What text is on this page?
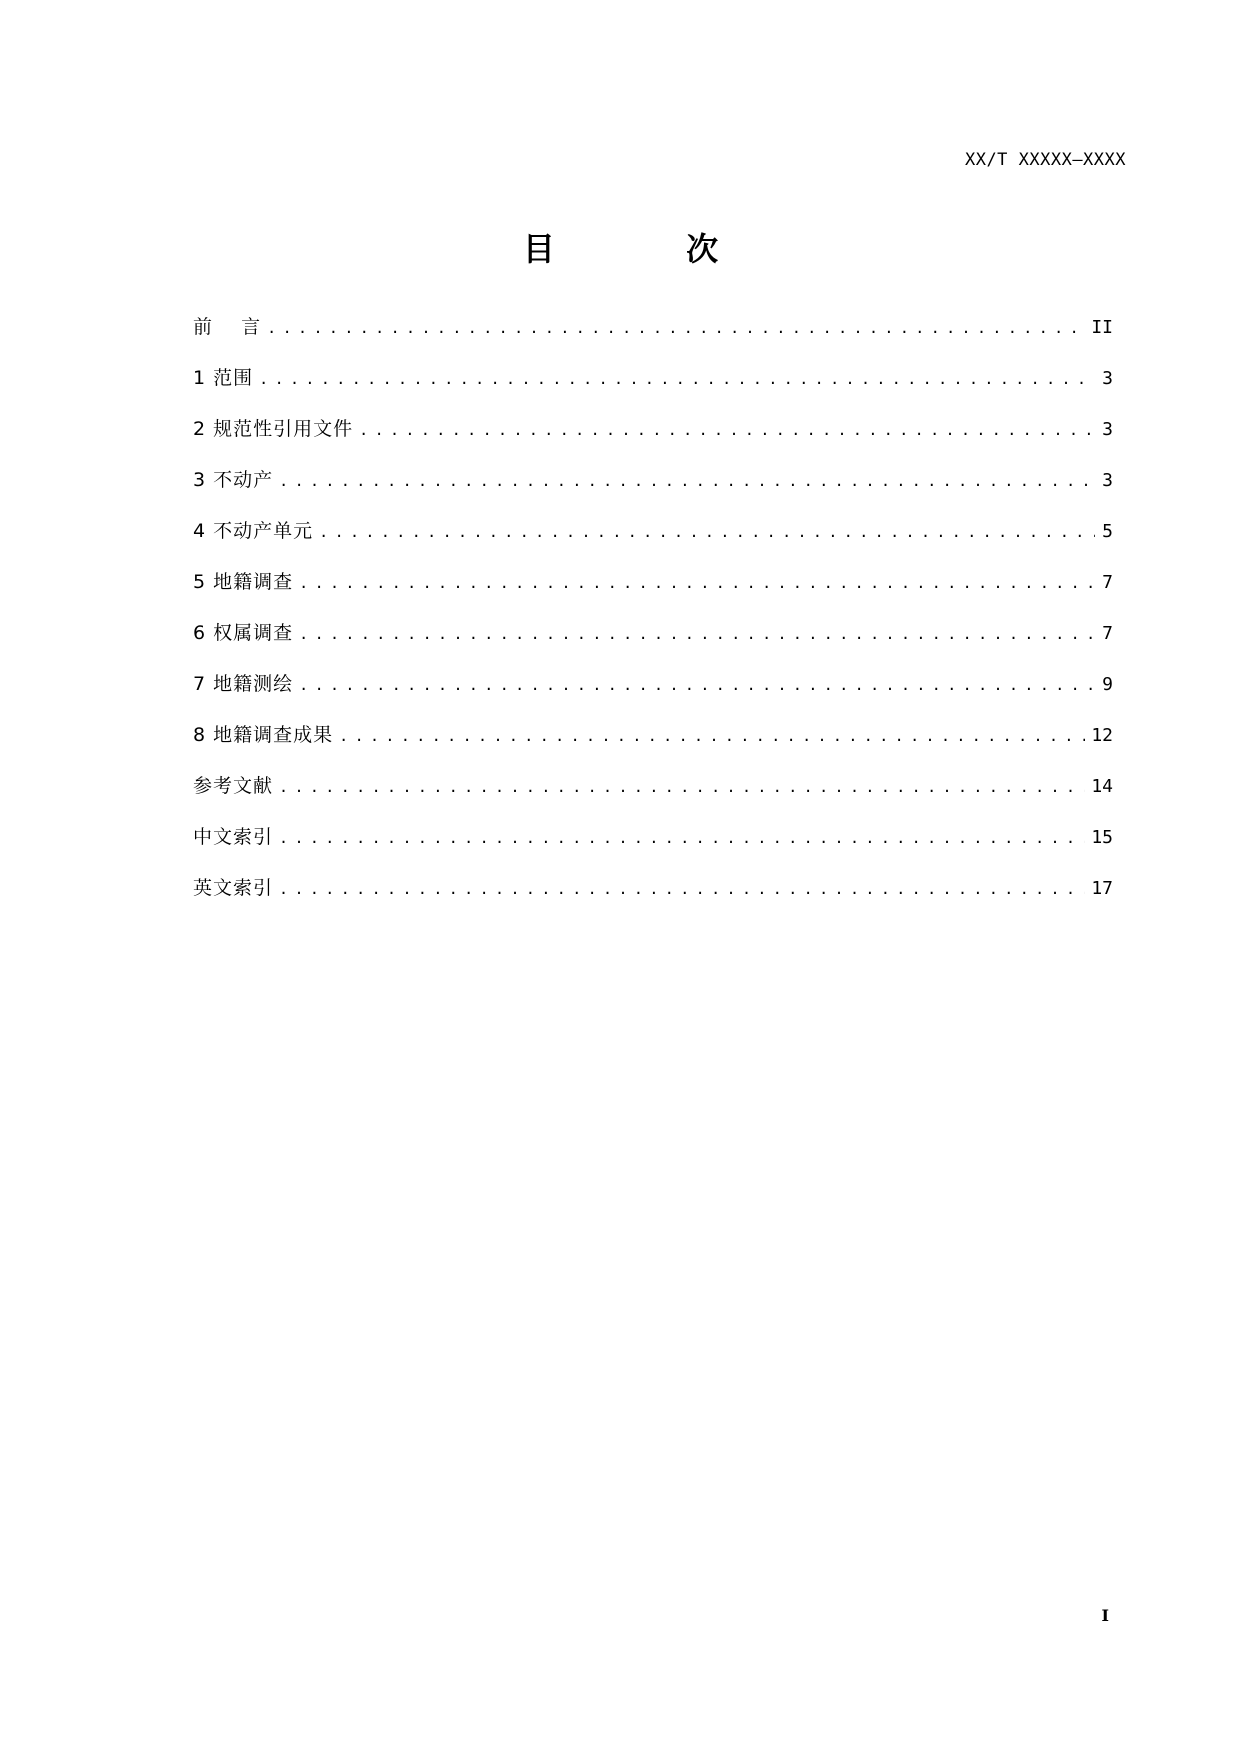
XX/T XXXXX—XXXX
目 次
前    言 .....	II
1 范围 .....	3
2 规范性引用文件 .....	3
3 不动产 .....	3
4 不动产单元 .....	5
5 地籍调查 .....	7
6 权属调查 .....	7
7 地籍测绘 .....	9
8 地籍调查成果 .....	12
参考文献 .....	14
中文索引 .....	15
英文索引 .....	17
I
